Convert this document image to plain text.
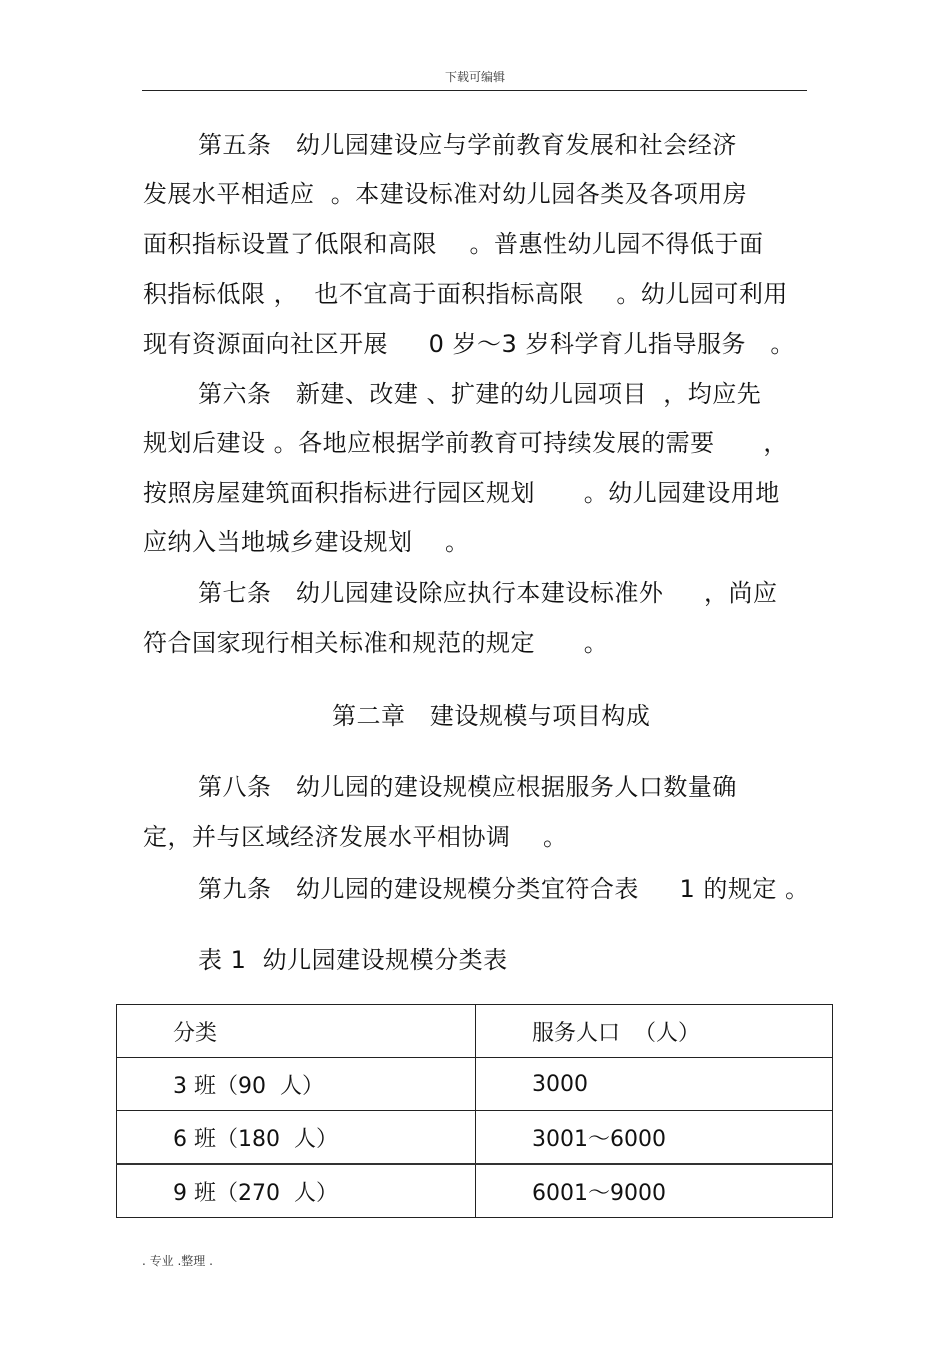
下载可编辑
第五条   幼儿园建设应与学前教育发展和社会经济
发展水平相适应  。本建设标准对幼儿园各类及各项用房
面积指标设置了低限和高限    。普惠性幼儿园不得低于面
积指标低限 ，  也不宜高于面积指标高限    。幼儿园可利用
现有资源面向社区开展     0 岁～3 岁科学育儿指导服务   。
第六条   新建、改建 、扩建的幼儿园项目  ，均应先
规划后建设 。各地应根据学前教育可持续发展的需要      ，
按照房屋建筑面积指标进行园区规划      。幼儿园建设用地
应纳入当地城乡建设规划    。
第七条   幼儿园建设除应执行本建设标准外     ，尚应
符合国家现行相关标准和规范的规定      。
第二章   建设规模与项目构成
第八条   幼儿园的建设规模应根据服务人口数量确
定，并与区域经济发展水平相协调    。
第九条   幼儿园的建设规模分类宜符合表     1 的规定 。
表 1  幼儿园建设规模分类表
分类	服务人口  （人）
3 班（90  人）	3000
6 班（180  人）	3001～6000
9 班（270  人）	6001～9000
. 专业 .整理 .
